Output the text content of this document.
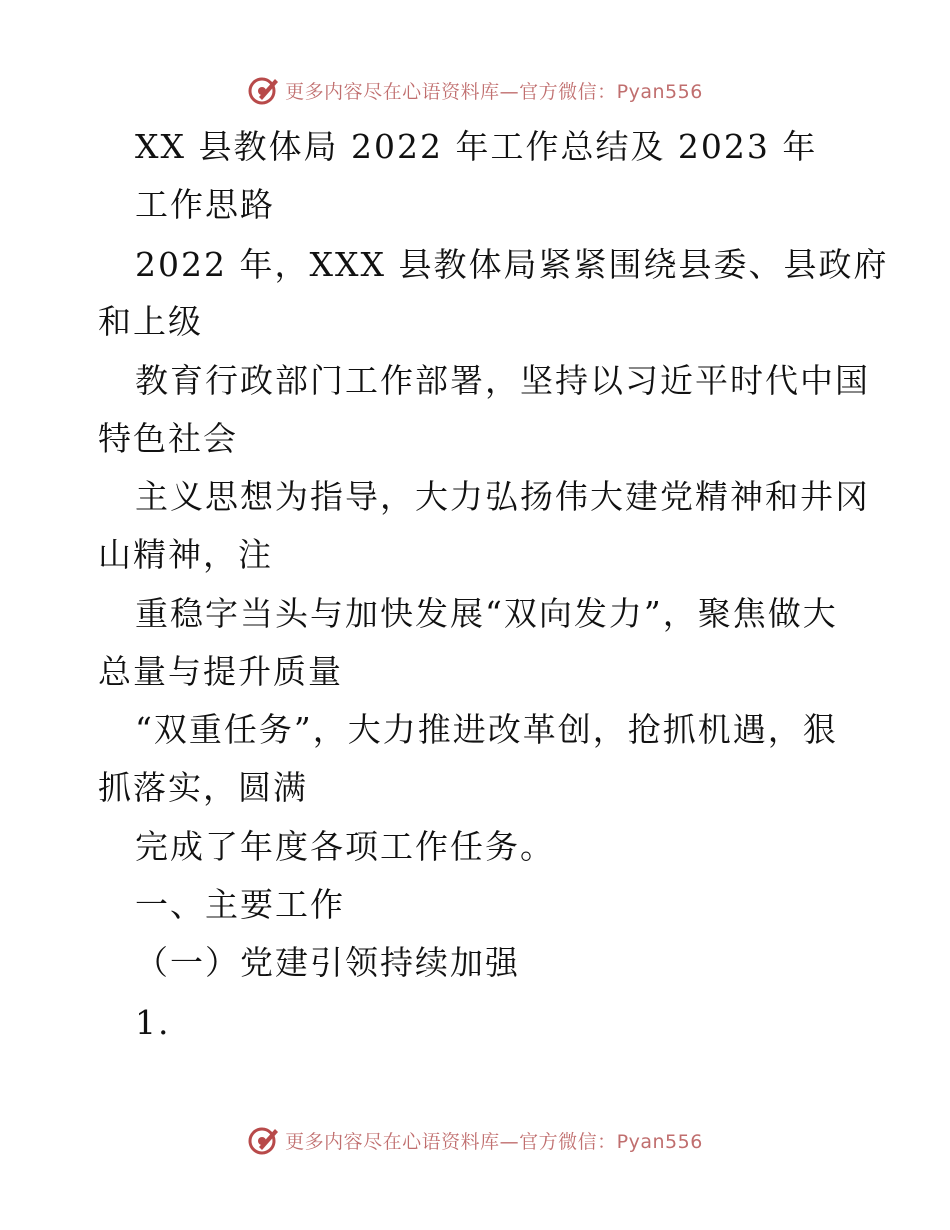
更多内容尽在心语资料库—官方微信：Pyan556
XX 县教体局 2022 年工作总结及 2023 年
工作思路
2022 年，XXX 县教体局紧紧围绕县委、县政府
和上级
教育行政部门工作部署，坚持以习近平时代中国
特色社会
主义思想为指导，大力弘扬伟大建党精神和井冈
山精神，注
重稳字当头与加快发展“双向发力”，聚焦做大
总量与提升质量
“双重任务”，大力推进改革创，抢抓机遇，狠
抓落实，圆满
完成了年度各项工作任务。
一、主要工作
（一）党建引领持续加强
1.
更多内容尽在心语资料库—官方微信：Pyan556
